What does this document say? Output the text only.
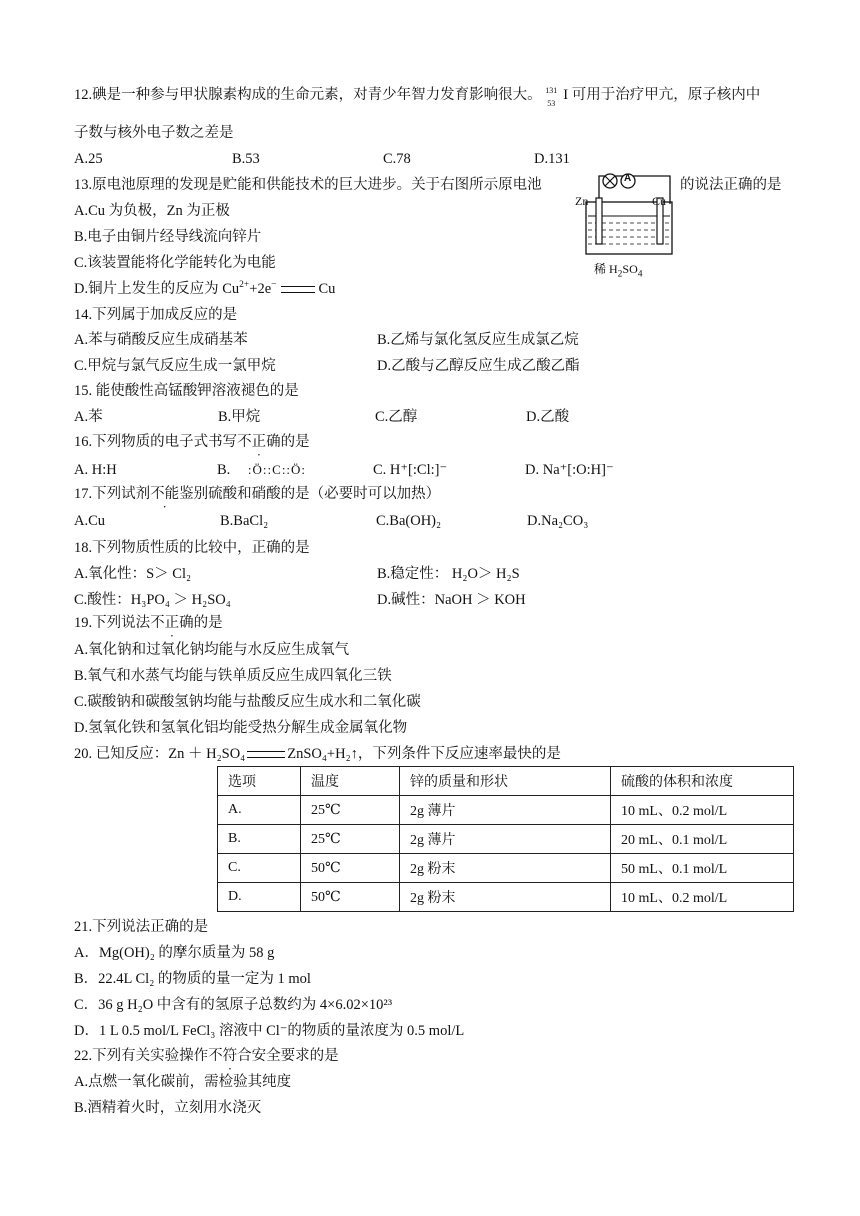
12.碘是一种参与甲状腺素构成的生命元素，对青少年智力发育影响很大。 131
53
I 可用于治疗甲亢，原子核内中
子数与核外电子数之差是
A.25	B.53	C.78	D.131
13.原电池原理的发现是贮能和供能技术的巨大进步。关于右图所示原电池	的说法正确的是
A
Zn	Cu
稀 $H_2SO_4$
A.Cu 为负极，Zn 为正极
B.电子由铜片经导线流向锌片
C.该装置能将化学能转化为电能
D.铜片上发生的反应为 $Cu^{2+}+2e^-$	Cu
14.下列属于加成反应的是
A.苯与硝酸反应生成硝基苯	B.乙烯与氯化氢反应生成氯乙烷
C.甲烷与氯气反应生成一氯甲烷	D.乙酸与乙醇反应生成乙酸乙酯
15. 能使酸性高锰酸钾溶液褪色的是
A.苯	B.甲烷	C.乙醇	D.乙酸
16.下列物质的电子式书写不正确的是
A. H:H	B. :Ö::C::Ö:	C. H⁺[:Cl:]⁻	D. Na⁺[:O:H]⁻
17.下列试剂不能鉴别硫酸和硝酸的是（必要时可以加热）
A.Cu	B.BaCl₂	C.Ba(OH)₂	D.Na₂CO₃
18.下列物质性质的比较中，正确的是
A.氧化性：S＞ Cl₂	B.稳定性： H₂O＞ H₂S
C.酸性：H₃PO₄ ＞ H₂SO₄	D.碱性：NaOH ＞ KOH
19.下列说法不正确的是
A.氧化钠和过氧化钠均能与水反应生成氧气
B.氧气和水蒸气均能与铁单质反应生成四氧化三铁
C.碳酸钠和碳酸氢钠均能与盐酸反应生成水和二氧化碳
D.氢氧化铁和氢氧化铝均能受热分解生成金属氧化物
20. 已知反应：Zn ＋ H₂SO₄	ZnSO₄+H₂↑，下列条件下反应速率最快的是
选项	温度	锌的质量和形状	硫酸的体积和浓度
A.	25℃	2g 薄片	10 mL、0.2 mol/L
B.	25℃	2g 薄片	20 mL、0.1 mol/L
C.	50℃	2g 粉末	50 mL、0.1 mol/L
D.	50℃	2g 粉末	10 mL、0.2 mol/L
21.下列说法正确的是
A．Mg(OH)₂ 的摩尔质量为 58 g
B．22.4L Cl₂ 的物质的量一定为 1 mol
C．36 g H₂O 中含有的氢原子总数约为 4×6.02×10²³
D．1 L 0.5 mol/L FeCl₃ 溶液中 Cl⁻的物质的量浓度为 0.5 mol/L
22.下列有关实验操作不符合安全要求的是
A.点燃一氧化碳前，需检验其纯度
B.酒精着火时，立刻用水浇灭
